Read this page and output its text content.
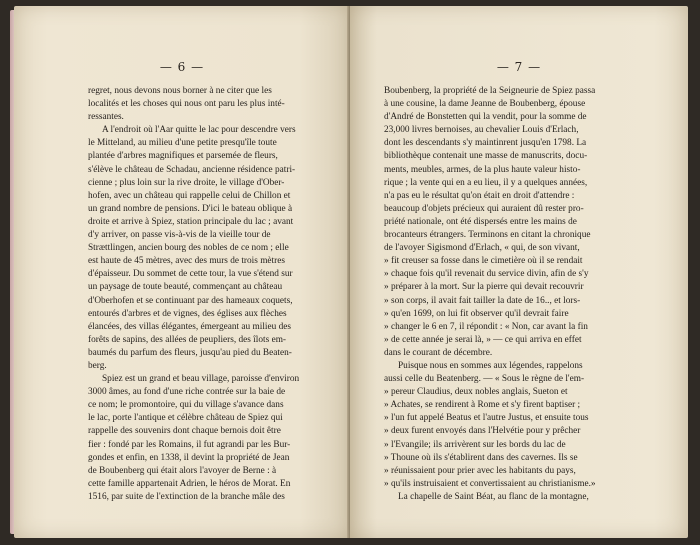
— 6 —
regret, nous devons nous borner à ne citer que les
localités et les choses qui nous ont paru les plus inté-
ressantes.
A l'endroit où l'Aar quitte le lac pour descendre vers
le Mitteland, au milieu d'une petite presqu'île toute
plantée d'arbres magnifiques et parsemée de fleurs,
s'élève le château de Schadau, ancienne résidence patri-
cienne ; plus loin sur la rive droite, le village d'Ober-
hofen, avec un château qui rappelle celui de Chillon et
un grand nombre de pensions. D'ici le bateau oblique à
droite et arrive à Spiez, station principale du lac ; avant
d'y arriver, on passe vis-à-vis de la vieille tour de
Strættlingen, ancien bourg des nobles de ce nom ; elle
est haute de 45 mètres, avec des murs de trois mètres
d'épaisseur. Du sommet de cette tour, la vue s'étend sur
un paysage de toute beauté, commençant au château
d'Oberhofen et se continuant par des hameaux coquets,
entourés d'arbres et de vignes, des églises aux flèches
élancées, des villas élégantes, émergeant au milieu des
forêts de sapins, des allées de peupliers, des îlots em-
baumés du parfum des fleurs, jusqu'au pied du Beaten-
berg.
Spiez est un grand et beau village, paroisse d'environ
3000 âmes, au fond d'une riche contrée sur la baie de
ce nom; le promontoire, qui du village s'avance dans
le lac, porte l'antique et célèbre château de Spiez qui
rappelle des souvenirs dont chaque bernois doit être
fier : fondé par les Romains, il fut agrandi par les Bur-
gondes et enfin, en 1338, il devint la propriété de Jean
de Boubenberg qui était alors l'avoyer de Berne : à
cette famille appartenait Adrien, le héros de Morat. En
1516, par suite de l'extinction de la branche mâle des
— 7 —
Boubenberg, la propriété de la Seigneurie de Spiez passa
à une cousine, la dame Jeanne de Boubenberg, épouse
d'André de Bonstetten qui la vendit, pour la somme de
23,000 livres bernoises, au chevalier Louis d'Erlach,
dont les descendants s'y maintinrent jusqu'en 1798. La
bibliothèque contenait une masse de manuscrits, docu-
ments, meubles, armes, de la plus haute valeur histo-
rique ; la vente qui en a eu lieu, il y a quelques années,
n'a pas eu le résultat qu'on était en droit d'attendre :
beaucoup d'objets précieux qui auraient dû rester pro-
priété nationale, ont été dispersés entre les mains de
brocanteurs étrangers. Terminons en citant la chronique
de l'avoyer Sigismond d'Erlach, « qui, de son vivant,
» fit creuser sa fosse dans le cimetière où il se rendait
» chaque fois qu'il revenait du service divin, afin de s'y
» préparer à la mort. Sur la pierre qui devait recouvrir
» son corps, il avait fait tailler la date de 16.., et lors-
» qu'en 1699, on lui fit observer qu'il devrait faire
» changer le 6 en 7, il répondit : « Non, car avant la fin
» de cette année je serai là, » — ce qui arriva en effet
dans le courant de décembre.
Puisque nous en sommes aux légendes, rappelons
aussi celle du Beatenberg. — « Sous le règne de l'em-
» pereur Claudius, deux nobles anglais, Sueton et
» Achates, se rendirent à Rome et s'y firent baptiser ;
» l'un fut appelé Beatus et l'autre Justus, et ensuite tous
» deux furent envoyés dans l'Helvétie pour y prêcher
» l'Evangile; ils arrivèrent sur les bords du lac de
» Thoune où ils s'établirent dans des cavernes. Ils se
» réunissaient pour prier avec les habitants du pays,
» qu'ils instruisaient et convertissaient au christianisme.»
La chapelle de Saint Béat, au flanc de la montagne,
